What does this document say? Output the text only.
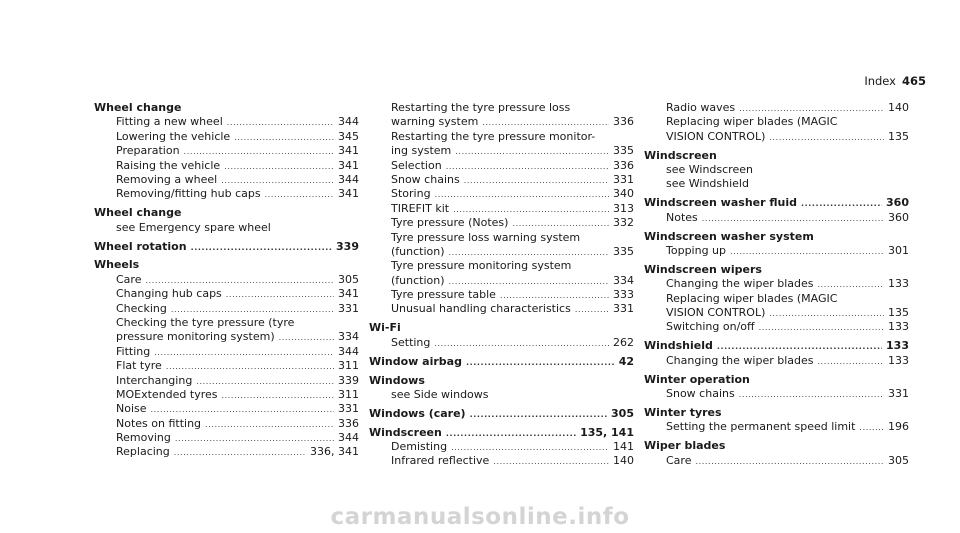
Index 465
Wheel change
Fitting a new wheel .....	344
Lowering the vehicle .....	345
Preparation .....	341
Raising the vehicle .....	341
Removing a wheel .....	344
Removing/fitting hub caps .....	341
Wheel change
see Emergency spare wheel
Wheel rotation .....	339
Wheels
Care .....	305
Changing hub caps .....	341
Checking .....	331
Checking the tyre pressure (tyre
pressure monitoring system) .....	334
Fitting .....	344
Flat tyre .....	311
Interchanging .....	339
MOExtended tyres .....	311
Noise .....	331
Notes on fitting .....	336
Removing .....	344
Replacing .....	336, 341
Restarting the tyre pressure loss
warning system .....	336
Restarting the tyre pressure monitor-
ing system .....	335
Selection .....	336
Snow chains .....	331
Storing .....	340
TIREFIT kit .....	313
Tyre pressure (Notes) .....	332
Tyre pressure loss warning system
(function) .....	335
Tyre pressure monitoring system
(function) .....	334
Tyre pressure table .....	333
Unusual handling characteristics .....	331
Wi-Fi
Setting .....	262
Window airbag .....	42
Windows
see Side windows
Windows (care) .....	305
Windscreen .....	135, 141
Demisting .....	141
Infrared reflective .....	140
Radio waves .....	140
Replacing wiper blades (MAGIC
VISION CONTROL) .....	135
Windscreen
see Windscreen
see Windshield
Windscreen washer fluid .....	360
Notes .....	360
Windscreen washer system
Topping up .....	301
Windscreen wipers
Changing the wiper blades .....	133
Replacing wiper blades (MAGIC
VISION CONTROL) .....	135
Switching on/off .....	133
Windshield .....	133
Changing the wiper blades .....	133
Winter operation
Snow chains .....	331
Winter tyres
Setting the permanent speed limit .....	196
Wiper blades
Care .....	305
carmanualsonline.info
